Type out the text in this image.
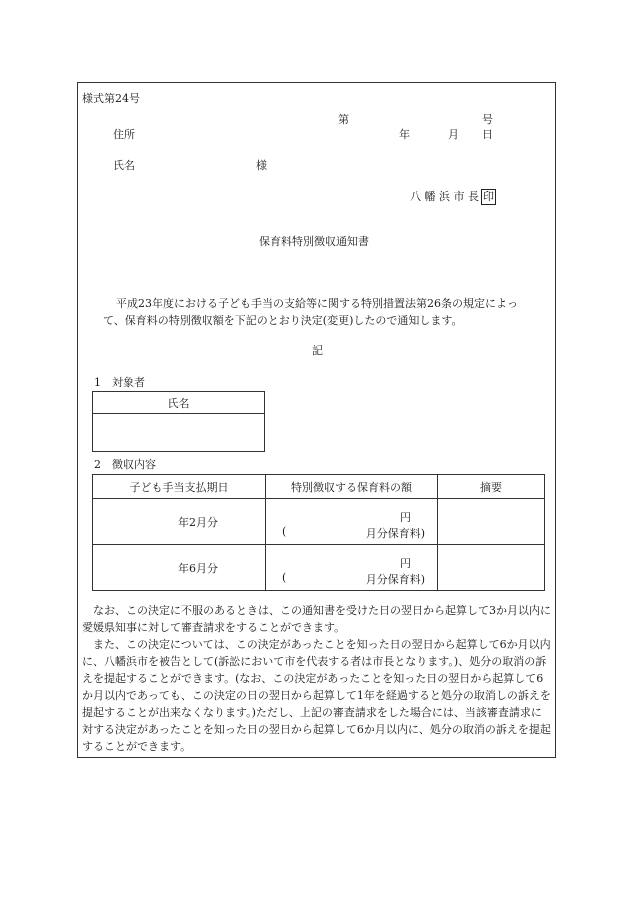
様式第24号
第	号
住所	年	月 日
氏名	様
八 幡 浜 市 長 印
保育料特別徴収通知書
平成23年度における子ども手当の支給等に関する特別措置法第26条の規定によって、保育料の特別徴収額を下記のとおり決定(変更)したので通知します。
記
1　対象者
氏名

2　徴収内容
子ども手当支払期日	特別徴収する保育料の額	摘要
年2月分	円
( 月分保育料)	

年6月分	円
( 月分保育料)	

なお、この決定に不服のあるときは、この通知書を受けた日の翌日から起算して3か月以内に愛媛県知事に対して審査請求をすることができます。
また、この決定については、この決定があったことを知った日の翌日から起算して6か月以内に、八幡浜市を被告として(訴訟において市を代表する者は市長となります。)、処分の取消の訴えを提起することができます。(なお、この決定があったことを知った日の翌日から起算して6か月以内であっても、この決定の日の翌日から起算して1年を経過すると処分の取消しの訴えを提起することが出来なくなります。)ただし、上記の審査請求をした場合には、当該審査請求に対する決定があったことを知った日の翌日から起算して6か月以内に、処分の取消の訴えを提起することができます。
